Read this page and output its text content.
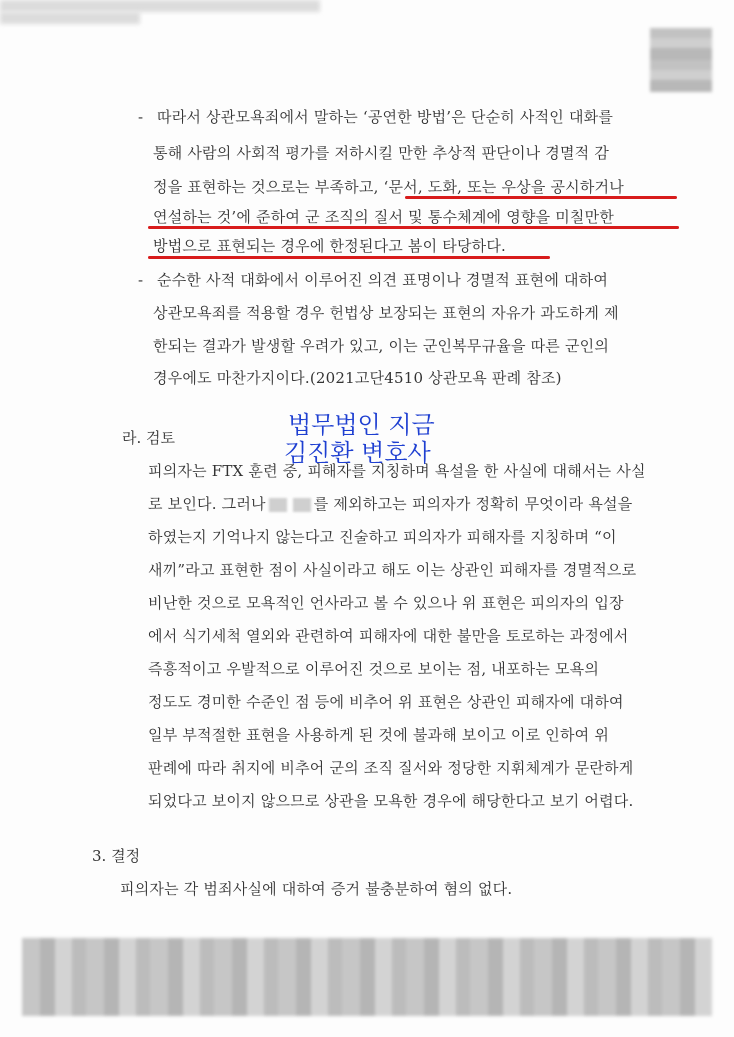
- 따라서 상관모욕죄에서 말하는 ‘공연한 방법’은 단순히 사적인 대화를
통해 사람의 사회적 평가를 저하시킬 만한 추상적 판단이나 경멸적 감
정을 표현하는 것으로는 부족하고, ‘문서, 도화, 또는 우상을 공시하거나
연설하는 것’에 준하여 군 조직의 질서 및 통수체계에 영향을 미칠만한
방법으로 표현되는 경우에 한정된다고 봄이 타당하다.
- 순수한 사적 대화에서 이루어진 의견 표명이나 경멸적 표현에 대하여
상관모욕죄를 적용할 경우 헌법상 보장되는 표현의 자유가 과도하게 제
한되는 결과가 발생할 우려가 있고, 이는 군인복무규율을 따른 군인의
경우에도 마찬가지이다.(2021고단4510 상관모욕 판례 참조)
라. 검토	법무법인 지금
김진환 변호사
피의자는 FTX 훈련 중, 피해자를 지칭하며 욕설을 한 사실에 대해서는 사실
로 보인다. 그러나	를 제외하고는 피의자가 정확히 무엇이라 욕설을
하였는지 기억나지 않는다고 진술하고 피의자가 피해자를 지칭하며 “이
새끼”라고 표현한 점이 사실이라고 해도 이는 상관인 피해자를 경멸적으로
비난한 것으로 모욕적인 언사라고 볼 수 있으나 위 표현은 피의자의 입장
에서 식기세척 열외와 관련하여 피해자에 대한 불만을 토로하는 과정에서
즉흥적이고 우발적으로 이루어진 것으로 보이는 점, 내포하는 모욕의
정도도 경미한 수준인 점 등에 비추어 위 표현은 상관인 피해자에 대하여
일부 부적절한 표현을 사용하게 된 것에 불과해 보이고 이로 인하여 위
판례에 따라 취지에 비추어 군의 조직 질서와 정당한 지휘체계가 문란하게
되었다고 보이지 않으므로 상관을 모욕한 경우에 해당한다고 보기 어렵다.
3. 결정
피의자는 각 범죄사실에 대하여 증거 불충분하여 혐의 없다.
